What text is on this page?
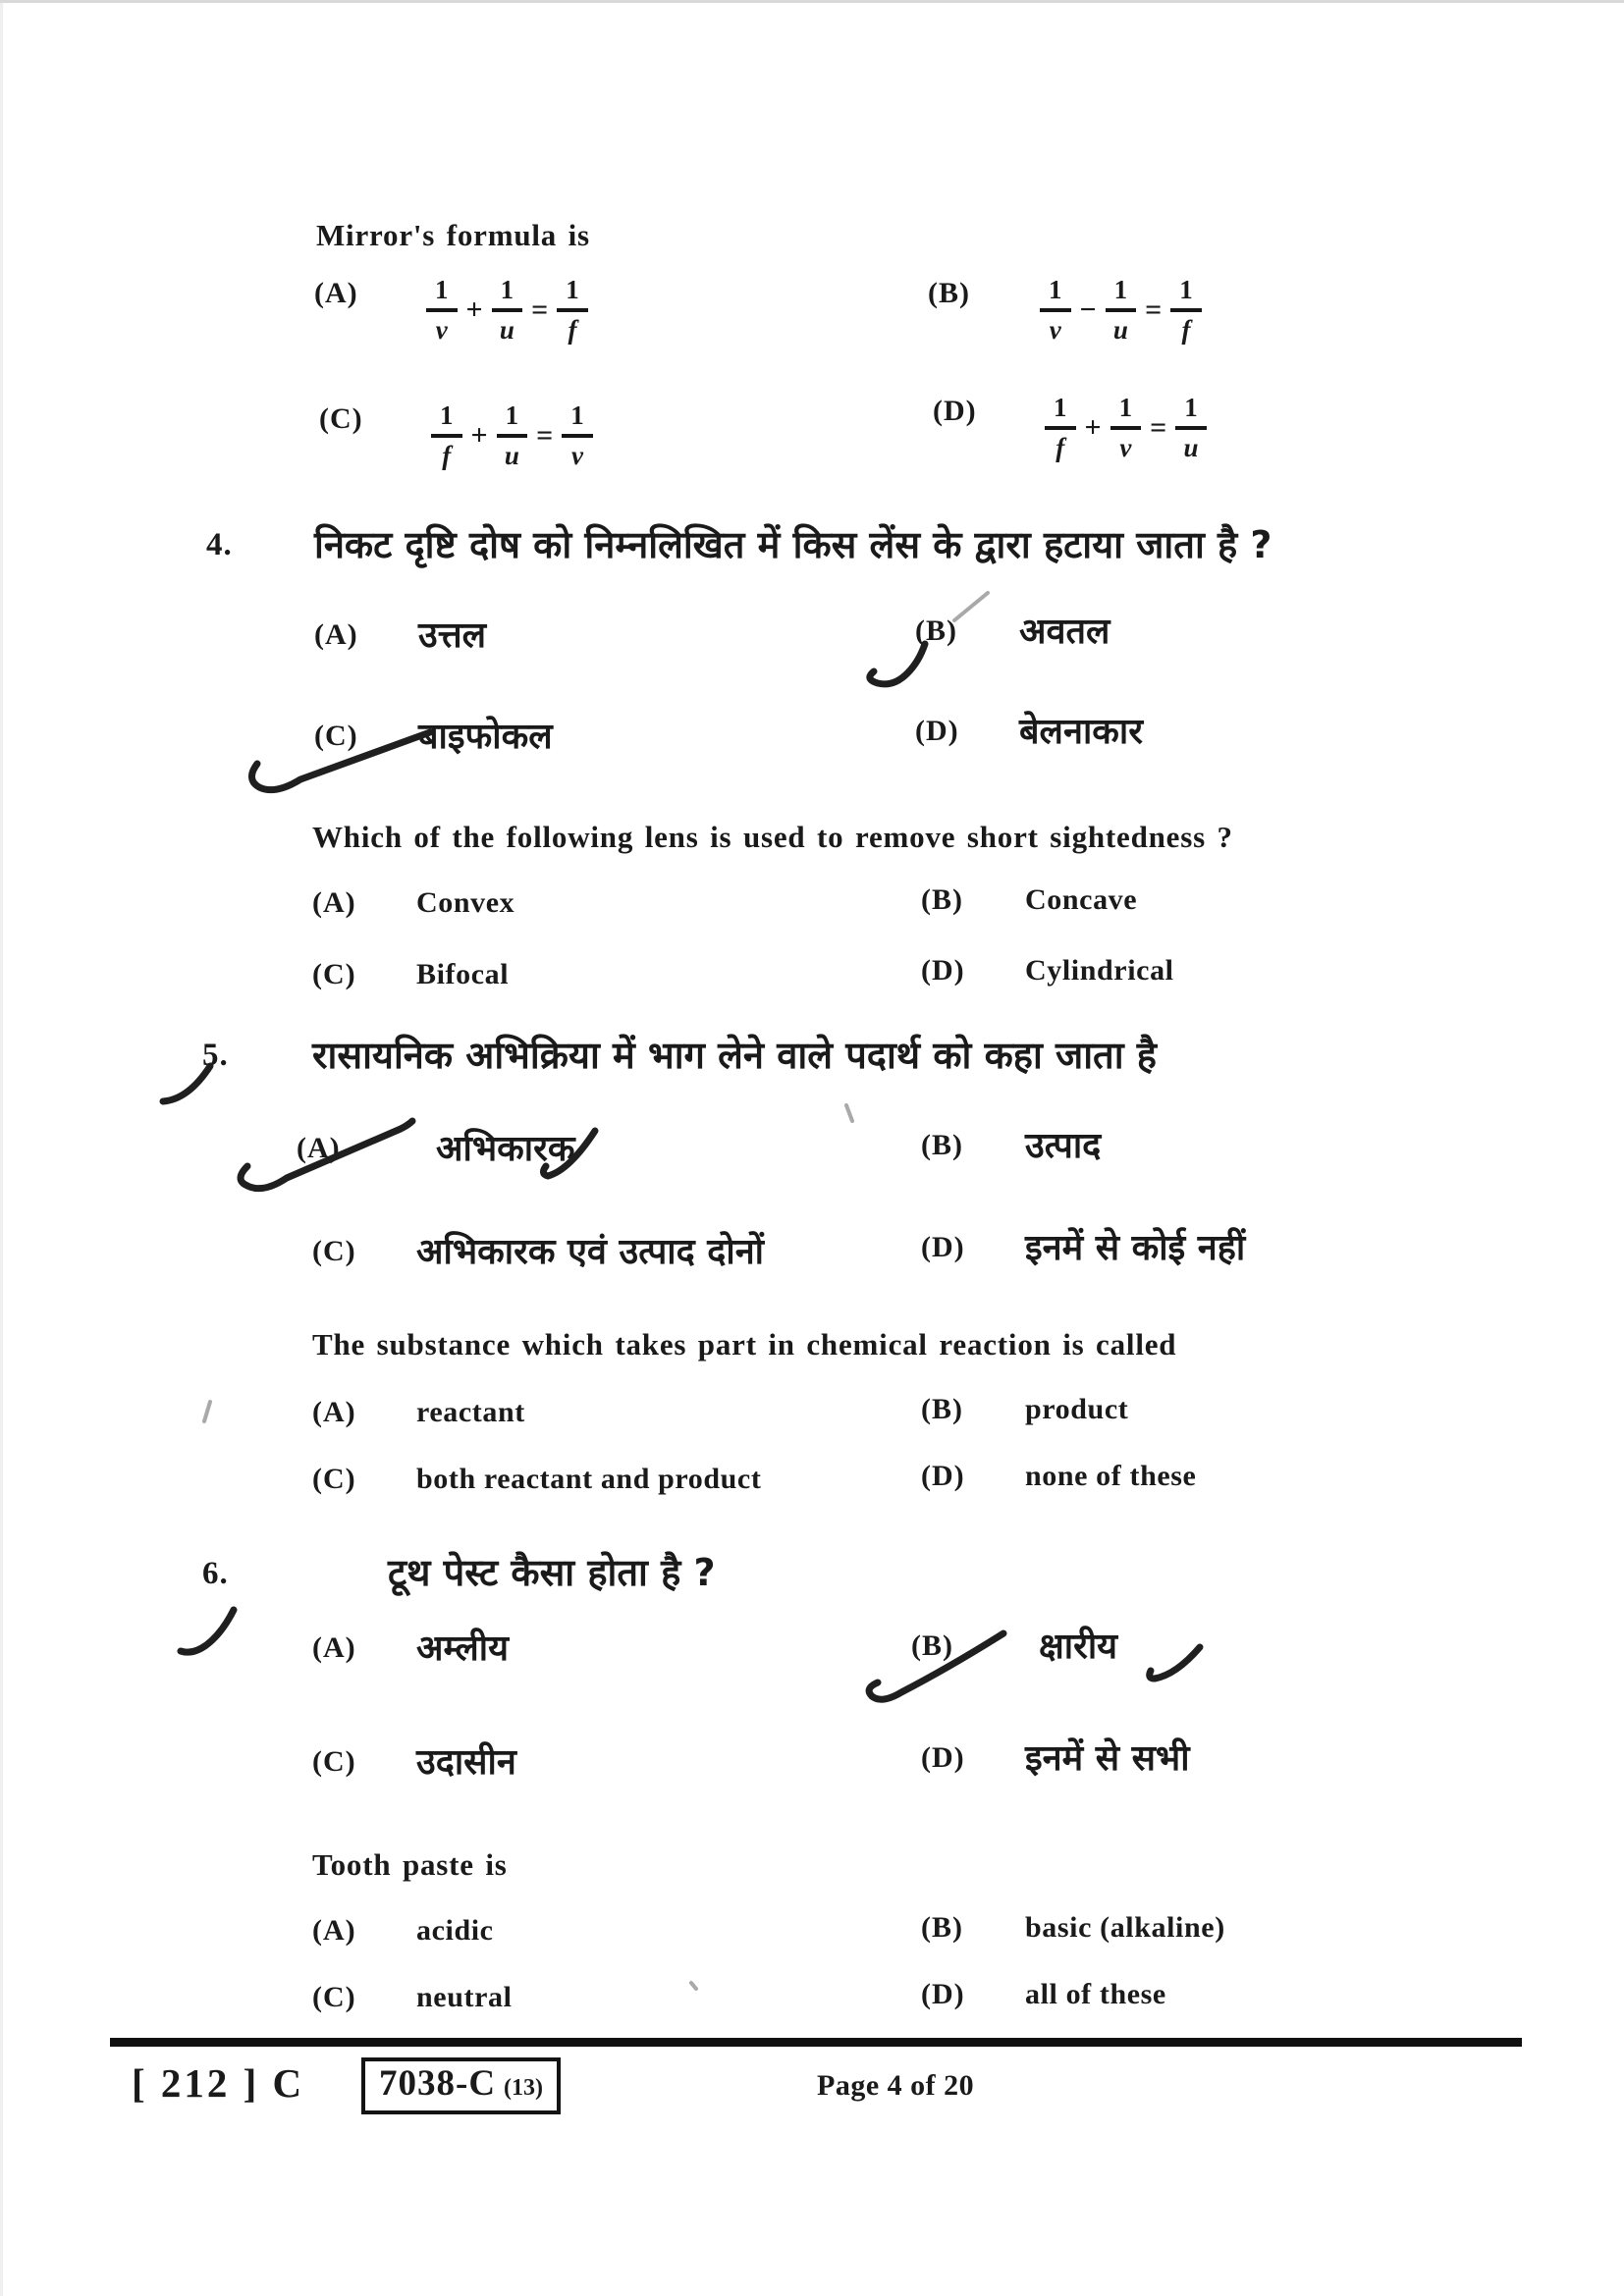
Mirror's formula is
(A)	$\frac{1}{v} + \frac{1}{u} = \frac{1}{f}$	(B)	$\frac{1}{v} - \frac{1}{u} = \frac{1}{f}$
(C)	$\frac{1}{f} + \frac{1}{u} = \frac{1}{v}$	(D)	$\frac{1}{f} + \frac{1}{v} = \frac{1}{u}$
4. निकट दृष्टि दोष को निम्नलिखित में किस लेंस के द्वारा हटाया जाता है ?
(A)	उत्तल	(B)	अवतल
(C)	बाइफोकल	(D)	बेलनाकार
Which of the following lens is used to remove short sightedness ?
(A)	Convex	(B)	Concave
(C)	Bifocal	(D)	Cylindrical
5. रासायनिक अभिक्रिया में भाग लेने वाले पदार्थ को कहा जाता है
(A)	अभिकारक	(B)	उत्पाद
(C)	अभिकारक एवं उत्पाद दोनों	(D)	इनमें से कोई नहीं
The substance which takes part in chemical reaction is called
(A)	reactant	(B)	product
(C)	both reactant and product	(D)	none of these
6.	टूथ पेस्ट कैसा होता है ?
(A)	अम्लीय	(B)	क्षारीय
(C)	उदासीन	(D)	इनमें से सभी
Tooth paste is
(A)	acidic	(B)	basic (alkaline)
(C)	neutral	(D)	all of these
[ 212 ] C 7038-C (13)	Page 4 of 20
